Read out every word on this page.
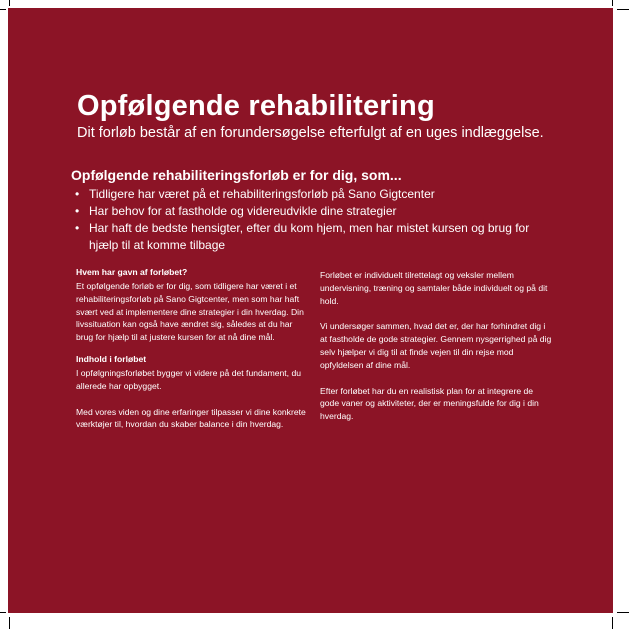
Opfølgende rehabilitering

Dit forløb består af en forundersøgelse efterfulgt af en uges indlæggelse.

Opfølgende rehabiliteringsforløb er for dig, som...
• Tidligere har været på et rehabiliteringsforløb på Sano Gigtcenter
• Har behov for at fastholde og videreudvikle dine strategier
• Har haft de bedste hensigter, efter du kom hjem, men har mistet kursen og brug for hjælp til at komme tilbage
Hvem har gavn af forløbet?

Et opfølgende forløb er for dig, som tidligere har været i et rehabiliteringsforløb på Sano Gigtcenter, men som har haft svært ved at implementere dine strategier i din hverdag. Din livssituation kan også have ændret sig, således at du har brug for hjælp til at justere kursen for at nå dine mål.

Indhold i forløbet

I opfølgningsforløbet bygger vi videre på det fundament, du allerede har opbygget.

Med vores viden og dine erfaringer tilpasser vi dine konkrete værktøjer til, hvordan du skaber balance i din hverdag.

Forløbet er individuelt tilrettelagt og veksler mellem undervisning, træning og samtaler både individuelt og på dit hold.

Vi undersøger sammen, hvad det er, der har forhindret dig i at fastholde de gode strategier. Gennem nysgerrighed på dig selv hjælper vi dig til at finde vejen til din rejse mod opfyldelsen af dine mål.

Efter forløbet har du en realistisk plan for at integrere de gode vaner og aktiviteter, der er meningsfulde for dig i din hverdag.
